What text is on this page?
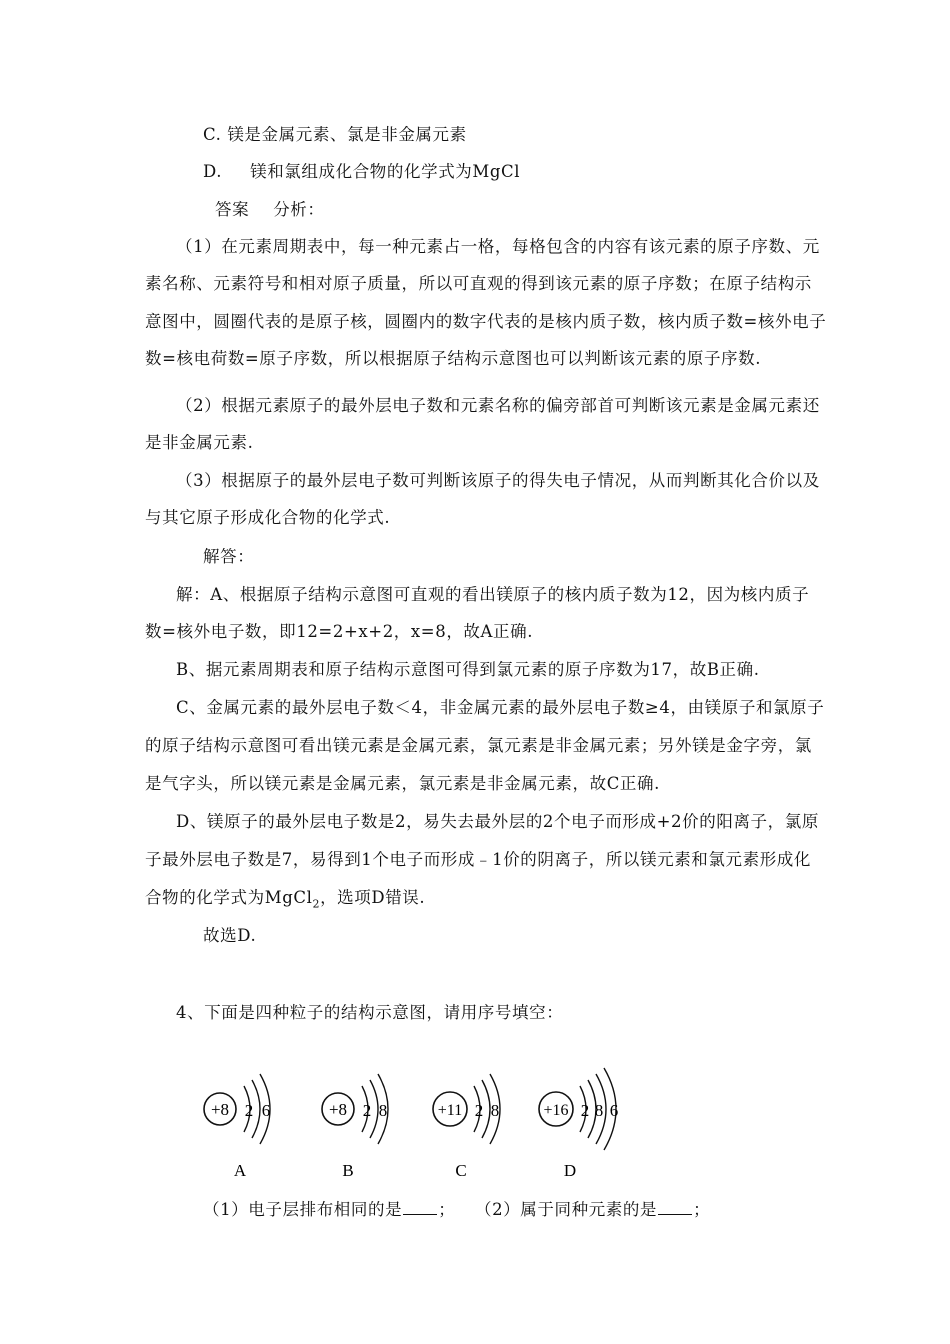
C. 镁是金属元素、氯是非金属元素
D. 镁和氯组成化合物的化学式为MgCl
答案 分析：
（1）在元素周期表中，每一种元素占一格，每格包含的内容有该元素的原子序数、元
素名称、元素符号和相对原子质量，所以可直观的得到该元素的原子序数；在原子结构示
意图中，圆圈代表的是原子核，圆圈内的数字代表的是核内质子数，核内质子数=核外电子
数=核电荷数=原子序数，所以根据原子结构示意图也可以判断该元素的原子序数.
（2）根据元素原子的最外层电子数和元素名称的偏旁部首可判断该元素是金属元素还
是非金属元素.
（3）根据原子的最外层电子数可判断该原子的得失电子情况，从而判断其化合价以及
与其它原子形成化合物的化学式.
解答：
解：A、根据原子结构示意图可直观的看出镁原子的核内质子数为12，因为核内质子
数=核外电子数，即12=2+x+2，x=8，故A正确.
B、据元素周期表和原子结构示意图可得到氯元素的原子序数为17，故B正确.
C、金属元素的最外层电子数＜4，非金属元素的最外层电子数≥4，由镁原子和氯原子
的原子结构示意图可看出镁元素是金属元素，氯元素是非金属元素；另外镁是金字旁，氯
是气字头，所以镁元素是金属元素，氯元素是非金属元素，故C正确.
D、镁原子的最外层电子数是2，易失去最外层的2个电子而形成+2价的阳离子，氯原
子最外层电子数是7，易得到1个电子而形成﹣1价的阴离子，所以镁元素和氯元素形成化
合物的化学式为MgCl$_2$，选项D错误.
故选D.
4、下面是四种粒子的结构示意图，请用序号填空：
+8 2 6
A
+8 2 8
B
+11 2 8
C
+16 2 8 6
D
（1）电子层排布相同的是 ； （2）属于同种元素的是 ；
